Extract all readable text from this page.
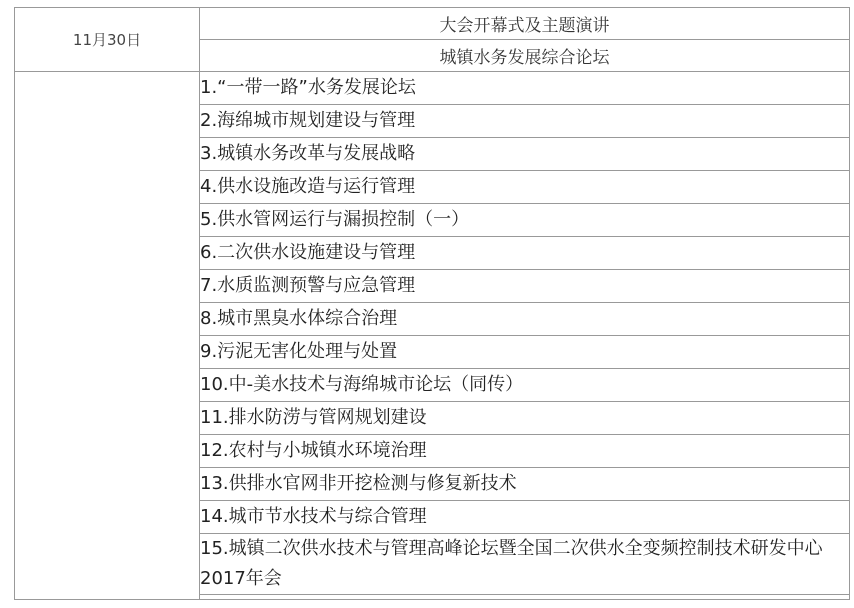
11月30日	大会开幕式及主题演讲
	城镇水务发展综合论坛
	1.“一带一路”水务发展论坛
	2.海绵城市规划建设与管理
	3.城镇水务改革与发展战略
	4.供水设施改造与运行管理
	5.供水管网运行与漏损控制（一）
	6.二次供水设施建设与管理
	7.水质监测预警与应急管理
	8.城市黑臭水体综合治理
	9.污泥无害化处理与处置
	10.中-美水技术与海绵城市论坛（同传）
	11.排水防涝与管网规划建设
	12.农村与小城镇水环境治理
	13.供排水官网非开挖检测与修复新技术
	14.城市节水技术与综合管理
	15.城镇二次供水技术与管理高峰论坛暨全国二次供水全变频控制技术研发中心2017年会
